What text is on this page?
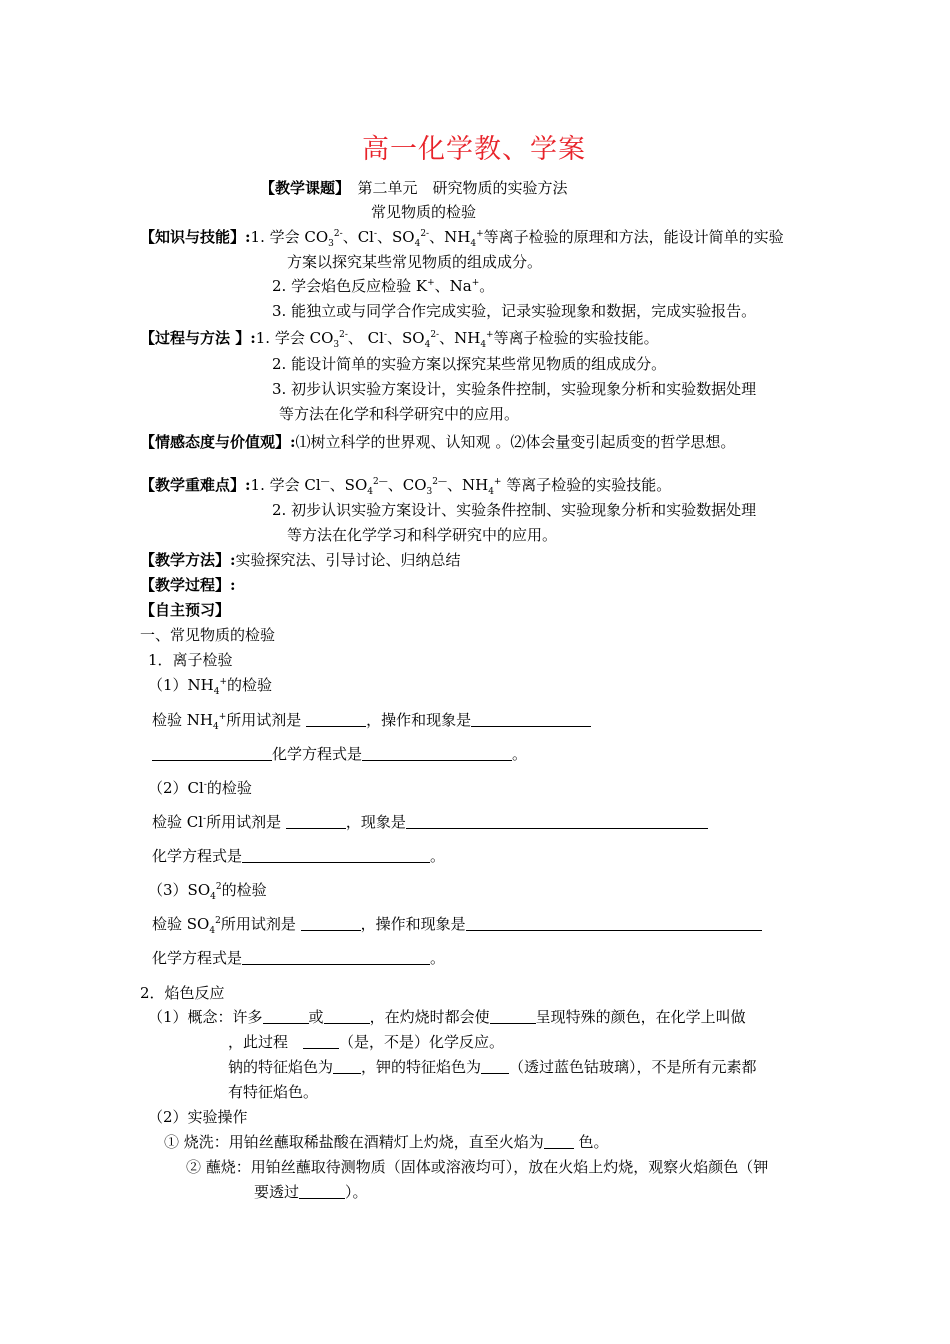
高一化学教、学案
【教学课题】　 第二单元　研究物质的实验方法
常见物质的检验
【知识与技能】:1. 学会 $CO_3^{2-}$、Cl-、$SO_4^{2-}$、$NH_4^+$等离子检验的原理和方法，能设计简单的实验
方案以探究某些常见物质的组成成分。
2. 学会焰色反应检验 K+、Na+。
3. 能独立或与同学合作完成实验，记录实验现象和数据，完成实验报告。
【过程与方法 】:1. 学会 $CO_3^{2-}$、 Cl-、$SO_4^{2-}$、$NH_4^+$等离子检验的实验技能。
2. 能设计简单的实验方案以探究某些常见物质的组成成分。
3. 初步认识实验方案设计，实验条件控制，实验现象分析和实验数据处理
等方法在化学和科学研究中的应用。
【情感态度与价值观】:⑴树立科学的世界观、认知观 。⑵体会量变引起质变的哲学思想。
【教学重难点】:1. 学会 Cl—、$SO_4^{2—}$、$CO_3^{2—}$、$NH_4^+$ 等离子检验的实验技能。
2. 初步认识实验方案设计、实验条件控制、实验现象分析和实验数据处理
等方法在化学学习和科学研究中的应用。
【教学方法】:实验探究法、引导讨论、归纳总结
【教学过程】:
【自主预习】
一、常见物质的检验
1．离子检验
$(1)NH_4^+$的检验
检验 $NH_4^+$所用试剂是	，操作和现象是
化学方程式是	。
（2）Cl-的检验
检验 Cl-所用试剂是	，现象是
化学方程式是	。
$(3)SO_4^2$的检验
检验 $SO_4^2$所用试剂是	，操作和现象是
化学方程式是	。
2．焰色反应
（1）概念：许多	或	，在灼烧时都会使	呈现特殊的颜色，在化学上叫做
，此过程　	（是，不是）化学反应。
钠的特征焰色为 ，钾的特征焰色为 （透过蓝色钴玻璃），不是所有元素都
有特征焰色。
（2）实验操作
① 烧洗：用铂丝蘸取稀盐酸在酒精灯上灼烧，直至火焰为 色。
② 蘸烧：用铂丝蘸取待测物质（固体或溶液均可），放在火焰上灼烧，观察火焰颜色（钾
要透过	）。
